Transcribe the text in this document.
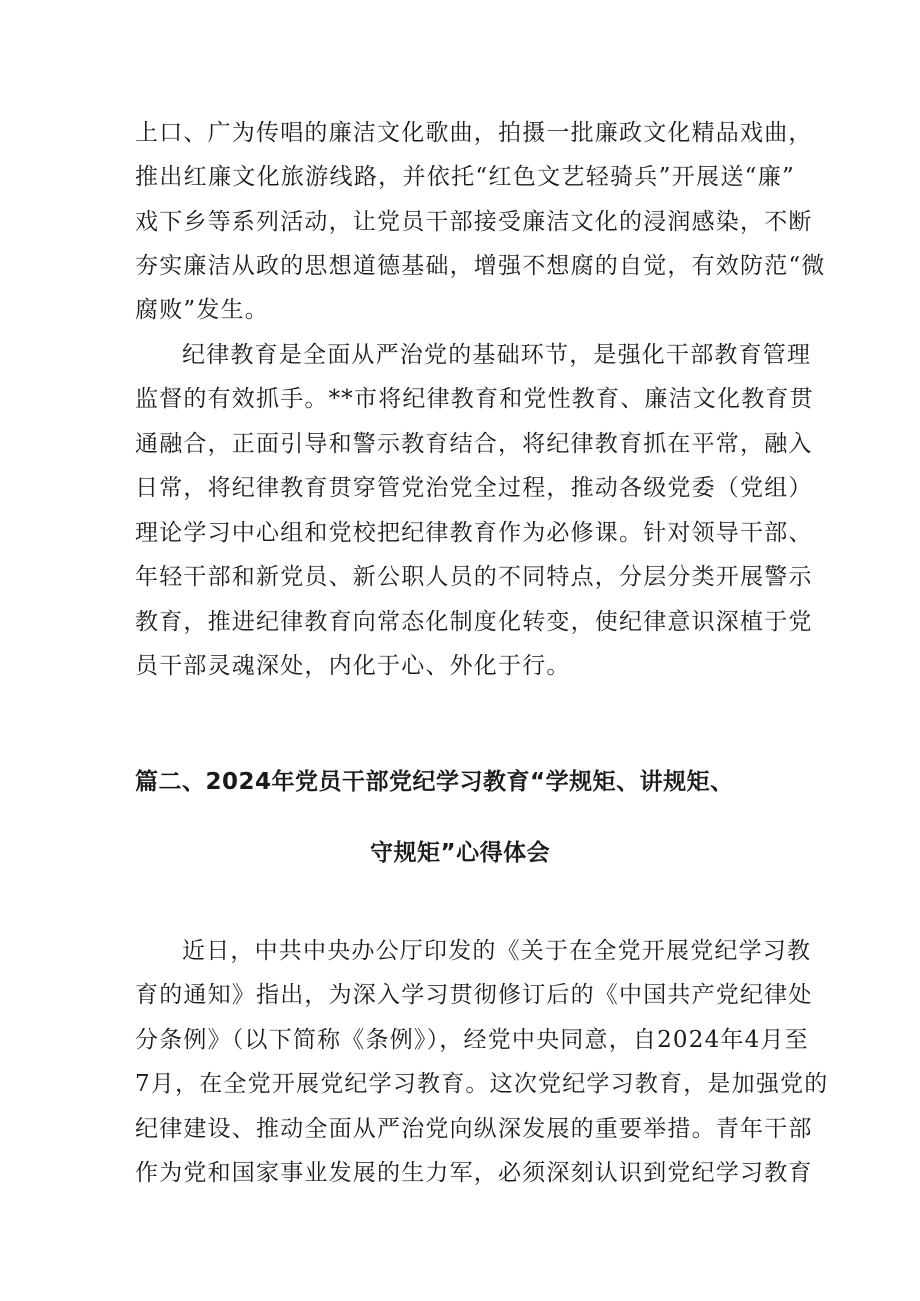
上口、广为传唱的廉洁文化歌曲，拍摄一批廉政文化精品戏曲，
推出红廉文化旅游线路，并依托“红色文艺轻骑兵”开展送“廉”
戏下乡等系列活动，让党员干部接受廉洁文化的浸润感染，不断
夯实廉洁从政的思想道德基础，增强不想腐的自觉，有效防范“微
腐败”发生。
纪律教育是全面从严治党的基础环节，是强化干部教育管理
监督的有效抓手。**市将纪律教育和党性教育、廉洁文化教育贯
通融合，正面引导和警示教育结合，将纪律教育抓在平常，融入
日常，将纪律教育贯穿管党治党全过程，推动各级党委（党组）
理论学习中心组和党校把纪律教育作为必修课。针对领导干部、
年轻干部和新党员、新公职人员的不同特点，分层分类开展警示
教育，推进纪律教育向常态化制度化转变，使纪律意识深植于党
员干部灵魂深处，内化于心、外化于行。
篇二、2024年党员干部党纪学习教育“学规矩、讲规矩、
守规矩”心得体会
近日，中共中央办公厅印发的《关于在全党开展党纪学习教
育的通知》指出，为深入学习贯彻修订后的《中国共产党纪律处
分条例》（以下简称《条例》），经党中央同意，自2024年4月至
7月，在全党开展党纪学习教育。这次党纪学习教育，是加强党的
纪律建设、推动全面从严治党向纵深发展的重要举措。青年干部
作为党和国家事业发展的生力军，必须深刻认识到党纪学习教育
